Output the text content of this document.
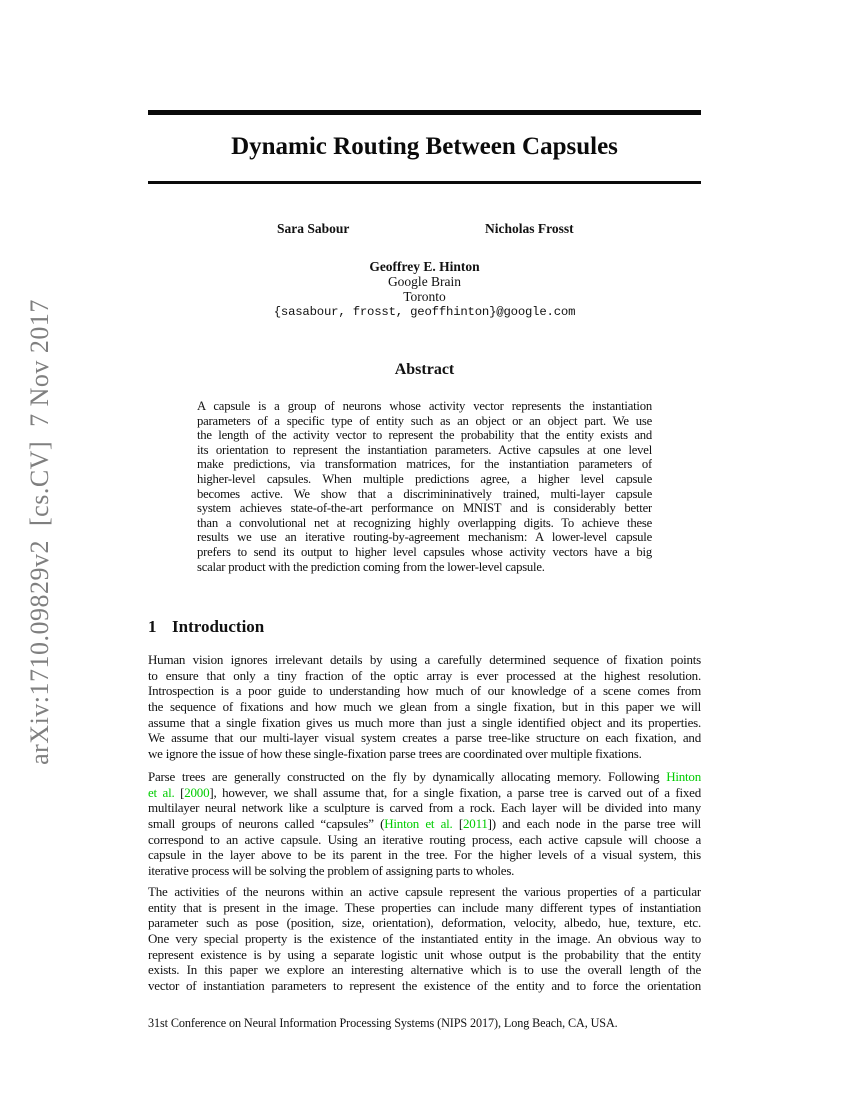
arXiv:1710.09829v2  [cs.CV]  7 Nov 2017
Dynamic Routing Between Capsules
Sara Sabour	Nicholas Frosst
Geoffrey E. Hinton
Google Brain
Toronto
{sasabour, frosst, geoffhinton}@google.com
Abstract
A capsule is a group of neurons whose activity vector represents the instantiation
parameters of a specific type of entity such as an object or an object part. We use
the length of the activity vector to represent the probability that the entity exists and
its orientation to represent the instantiation parameters. Active capsules at one level
make predictions, via transformation matrices, for the instantiation parameters of
higher-level capsules. When multiple predictions agree, a higher level capsule
becomes active. We show that a discrimininatively trained, multi-layer capsule
system achieves state-of-the-art performance on MNIST and is considerably better
than a convolutional net at recognizing highly overlapping digits. To achieve these
results we use an iterative routing-by-agreement mechanism: A lower-level capsule
prefers to send its output to higher level capsules whose activity vectors have a big
scalar product with the prediction coming from the lower-level capsule.
1 Introduction
Human vision ignores irrelevant details by using a carefully determined sequence of fixation points
to ensure that only a tiny fraction of the optic array is ever processed at the highest resolution.
Introspection is a poor guide to understanding how much of our knowledge of a scene comes from
the sequence of fixations and how much we glean from a single fixation, but in this paper we will
assume that a single fixation gives us much more than just a single identified object and its properties.
We assume that our multi-layer visual system creates a parse tree-like structure on each fixation, and
we ignore the issue of how these single-fixation parse trees are coordinated over multiple fixations.
Parse trees are generally constructed on the fly by dynamically allocating memory. Following Hinton
et al. [2000], however, we shall assume that, for a single fixation, a parse tree is carved out of a fixed
multilayer neural network like a sculpture is carved from a rock. Each layer will be divided into many
small groups of neurons called “capsules” (Hinton et al. [2011]) and each node in the parse tree will
correspond to an active capsule. Using an iterative routing process, each active capsule will choose a
capsule in the layer above to be its parent in the tree. For the higher levels of a visual system, this
iterative process will be solving the problem of assigning parts to wholes.
The activities of the neurons within an active capsule represent the various properties of a particular
entity that is present in the image. These properties can include many different types of instantiation
parameter such as pose (position, size, orientation), deformation, velocity, albedo, hue, texture, etc.
One very special property is the existence of the instantiated entity in the image. An obvious way to
represent existence is by using a separate logistic unit whose output is the probability that the entity
exists. In this paper we explore an interesting alternative which is to use the overall length of the
vector of instantiation parameters to represent the existence of the entity and to force the orientation
31st Conference on Neural Information Processing Systems (NIPS 2017), Long Beach, CA, USA.
